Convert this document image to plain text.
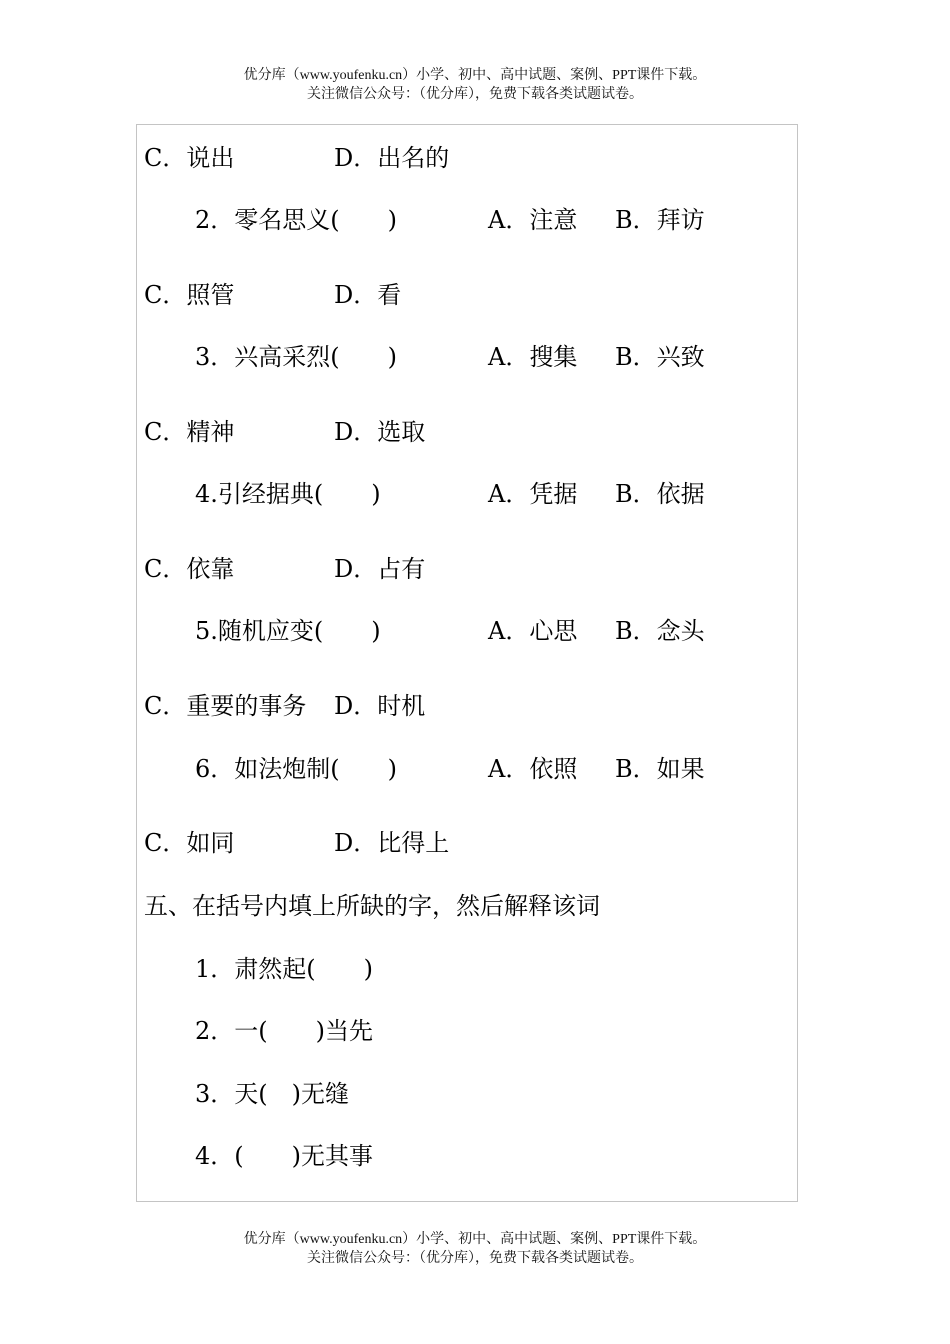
优分库（www.youfenku.cn）小学、初中、高中试题、案例、PPT课件下载。
关注微信公众号：（优分库），免费下载各类试题试卷。
C．说出	D．出名的
2．零名思义(　　)	A．注意 B．拜访
C．照管	D．看
3．兴高采烈(　　)	A．搜集 B．兴致
C．精神	D．选取
4.引经据典(　　)	A．凭据 B．依据
C．依靠	D．占有
5.随机应变(　　)	A．心思 B．念头
C．重要的事务 D．时机
6．如法炮制(　　)	A．依照 B．如果
C．如同	D．比得上
五、在括号内填上所缺的字，然后解释该词
1．肃然起(　　)
2．一(　　)当先
3．天(　)无缝
4．(　　)无其事
优分库（www.youfenku.cn）小学、初中、高中试题、案例、PPT课件下载。
关注微信公众号：（优分库），免费下载各类试题试卷。
